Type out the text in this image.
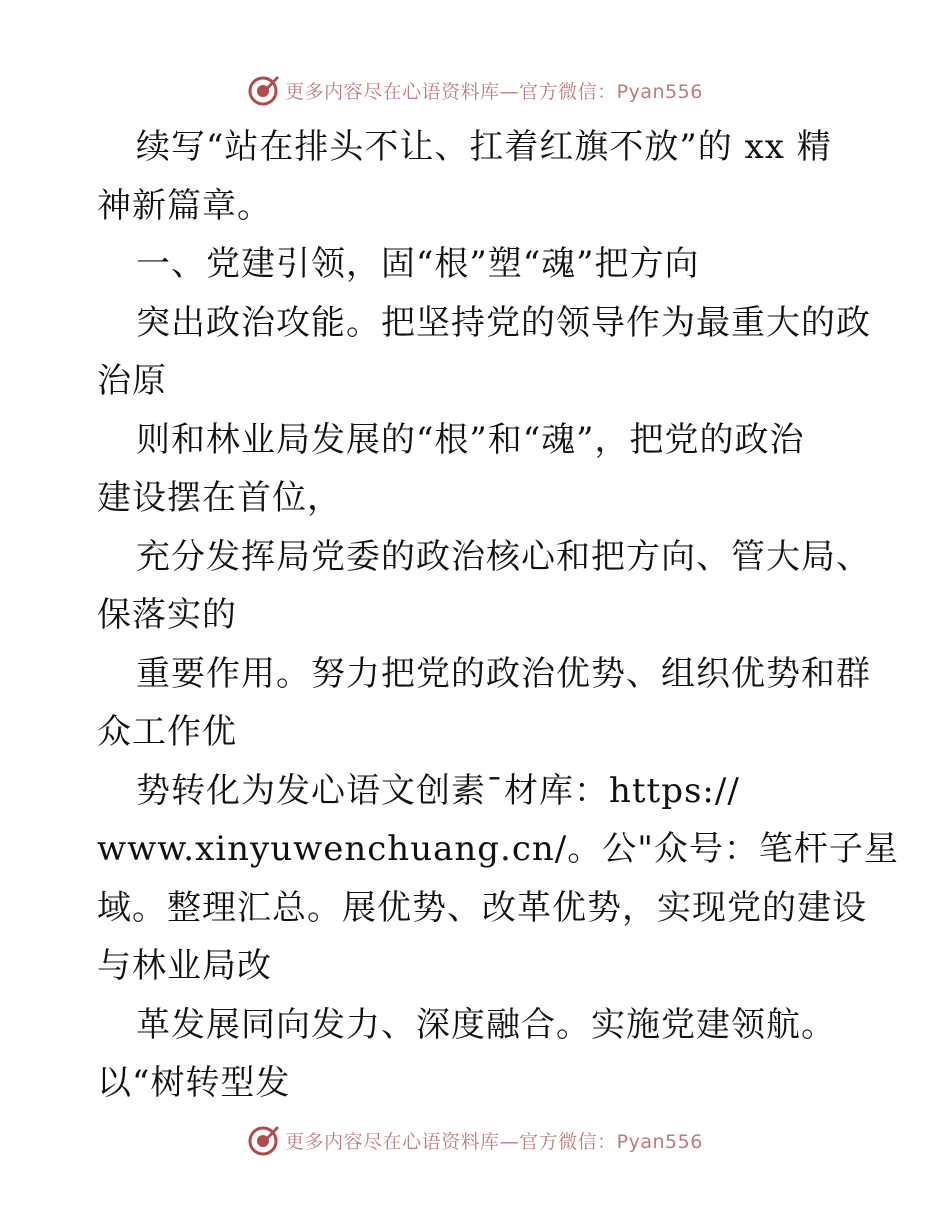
更多内容尽在心语资料库—官方微信：Pyan556
续写“站在排头不让、扛着红旗不放”的 xx 精
神新篇章。
一、党建引领，固“根”塑“魂”把方向
突出政治攻能。把坚持党的领导作为最重大的政
治原
则和林业局发展的“根”和“魂”，把党的政治
建设摆在首位，
充分发挥局党委的政治核心和把方向、管大局、
保落实的
重要作用。努力把党的政治优势、组织优势和群
众工作优
势转化为发心语文创素¯材库：https://
www.xinyuwenchuang.cn/。公"众号：笔杆子星
域。整理汇总。展优势、改革优势，实现党的建设
与林业局改
革发展同向发力、深度融合。实施党建领航。
以“树转型发
更多内容尽在心语资料库—官方微信：Pyan556
